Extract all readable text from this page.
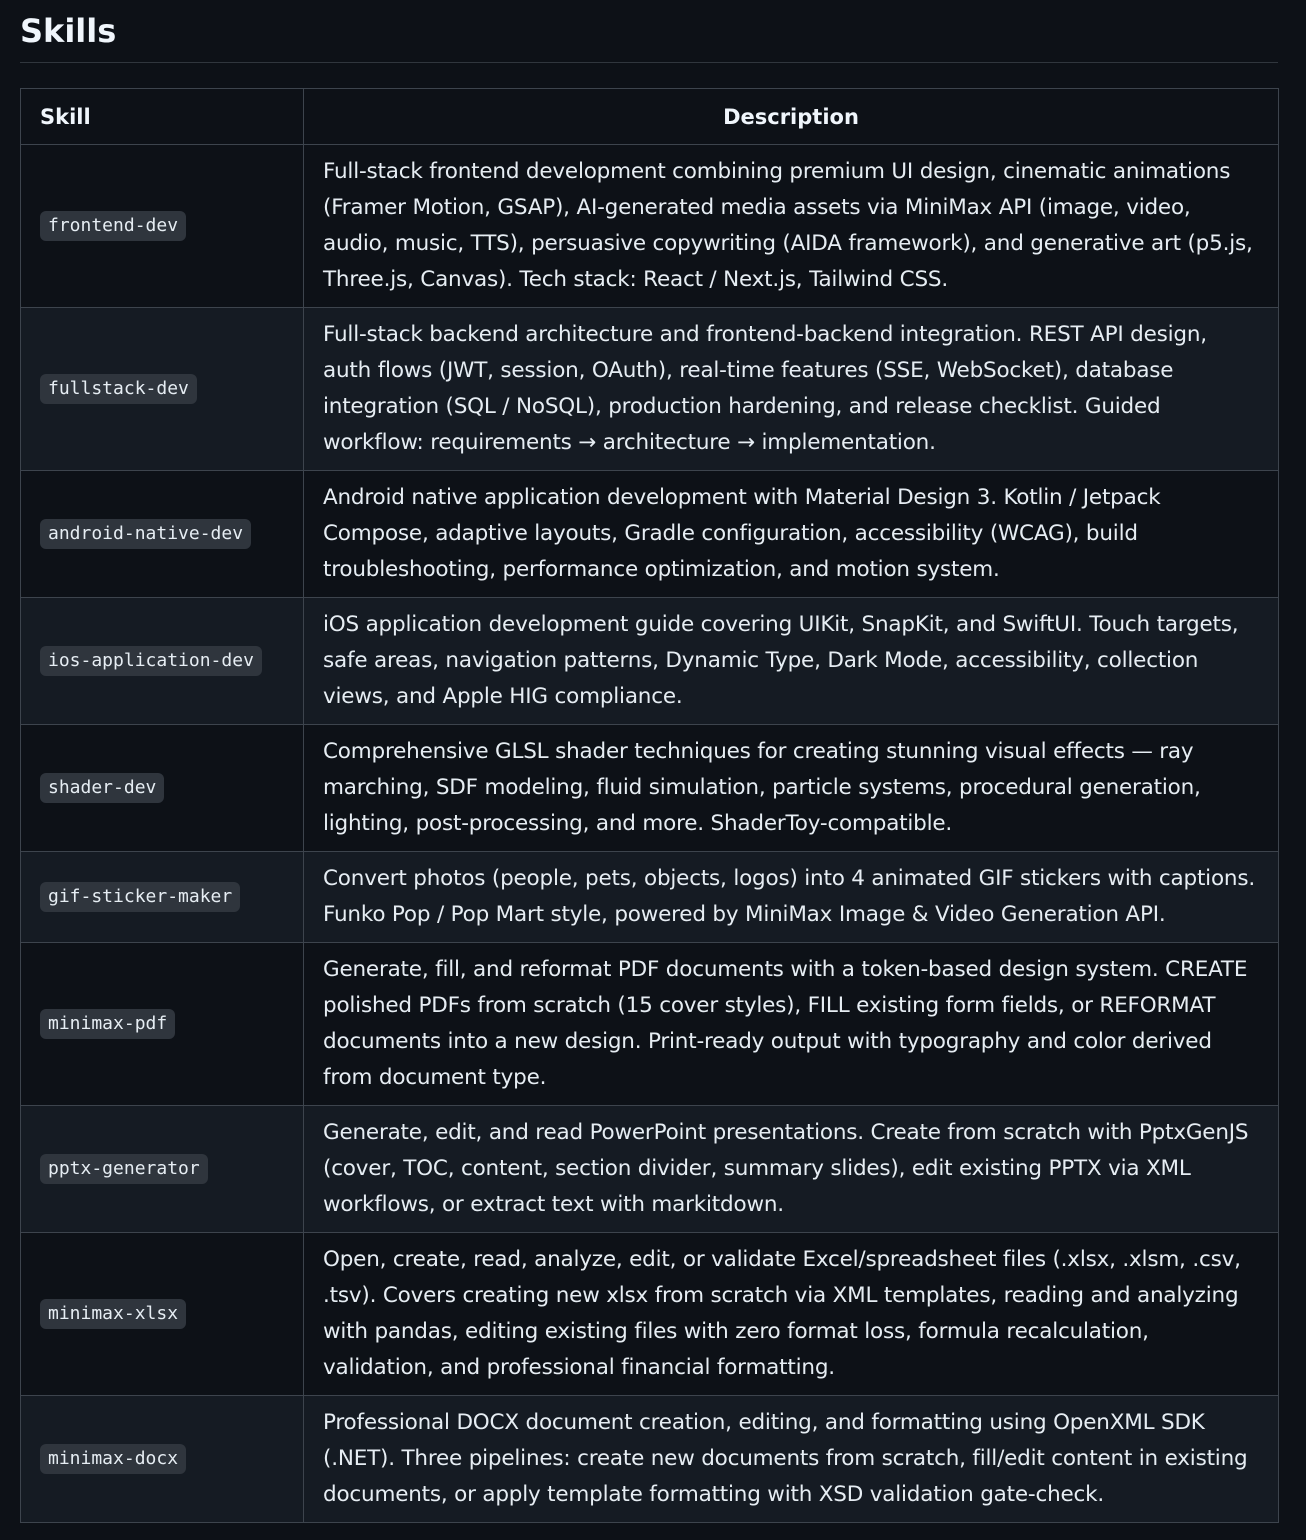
Skills
Skill	Description
frontend-dev	Full-stack frontend development combining premium UI design, cinematic animations (Framer Motion, GSAP), AI-generated media assets via MiniMax API (image, video, audio, music, TTS), persuasive copywriting (AIDA framework), and generative art (p5.js, Three.js, Canvas). Tech stack: React / Next.js, Tailwind CSS.
fullstack-dev	Full-stack backend architecture and frontend-backend integration. REST API design, auth flows (JWT, session, OAuth), real-time features (SSE, WebSocket), database integration (SQL / NoSQL), production hardening, and release checklist. Guided workflow: requirements → architecture → implementation.
android-native-dev	Android native application development with Material Design 3. Kotlin / Jetpack Compose, adaptive layouts, Gradle configuration, accessibility (WCAG), build troubleshooting, performance optimization, and motion system.
ios-application-dev	iOS application development guide covering UIKit, SnapKit, and SwiftUI. Touch targets, safe areas, navigation patterns, Dynamic Type, Dark Mode, accessibility, collection views, and Apple HIG compliance.
shader-dev	Comprehensive GLSL shader techniques for creating stunning visual effects — ray marching, SDF modeling, fluid simulation, particle systems, procedural generation, lighting, post-processing, and more. ShaderToy-compatible.
gif-sticker-maker	Convert photos (people, pets, objects, logos) into 4 animated GIF stickers with captions. Funko Pop / Pop Mart style, powered by MiniMax Image & Video Generation API.
minimax-pdf	Generate, fill, and reformat PDF documents with a token-based design system. CREATE polished PDFs from scratch (15 cover styles), FILL existing form fields, or REFORMAT documents into a new design. Print-ready output with typography and color derived from document type.
pptx-generator	Generate, edit, and read PowerPoint presentations. Create from scratch with PptxGenJS (cover, TOC, content, section divider, summary slides), edit existing PPTX via XML workflows, or extract text with markitdown.
minimax-xlsx	Open, create, read, analyze, edit, or validate Excel/spreadsheet files (.xlsx, .xlsm, .csv, .tsv). Covers creating new xlsx from scratch via XML templates, reading and analyzing with pandas, editing existing files with zero format loss, formula recalculation, validation, and professional financial formatting.
minimax-docx	Professional DOCX document creation, editing, and formatting using OpenXML SDK (.NET). Three pipelines: create new documents from scratch, fill/edit content in existing documents, or apply template formatting with XSD validation gate-check.
